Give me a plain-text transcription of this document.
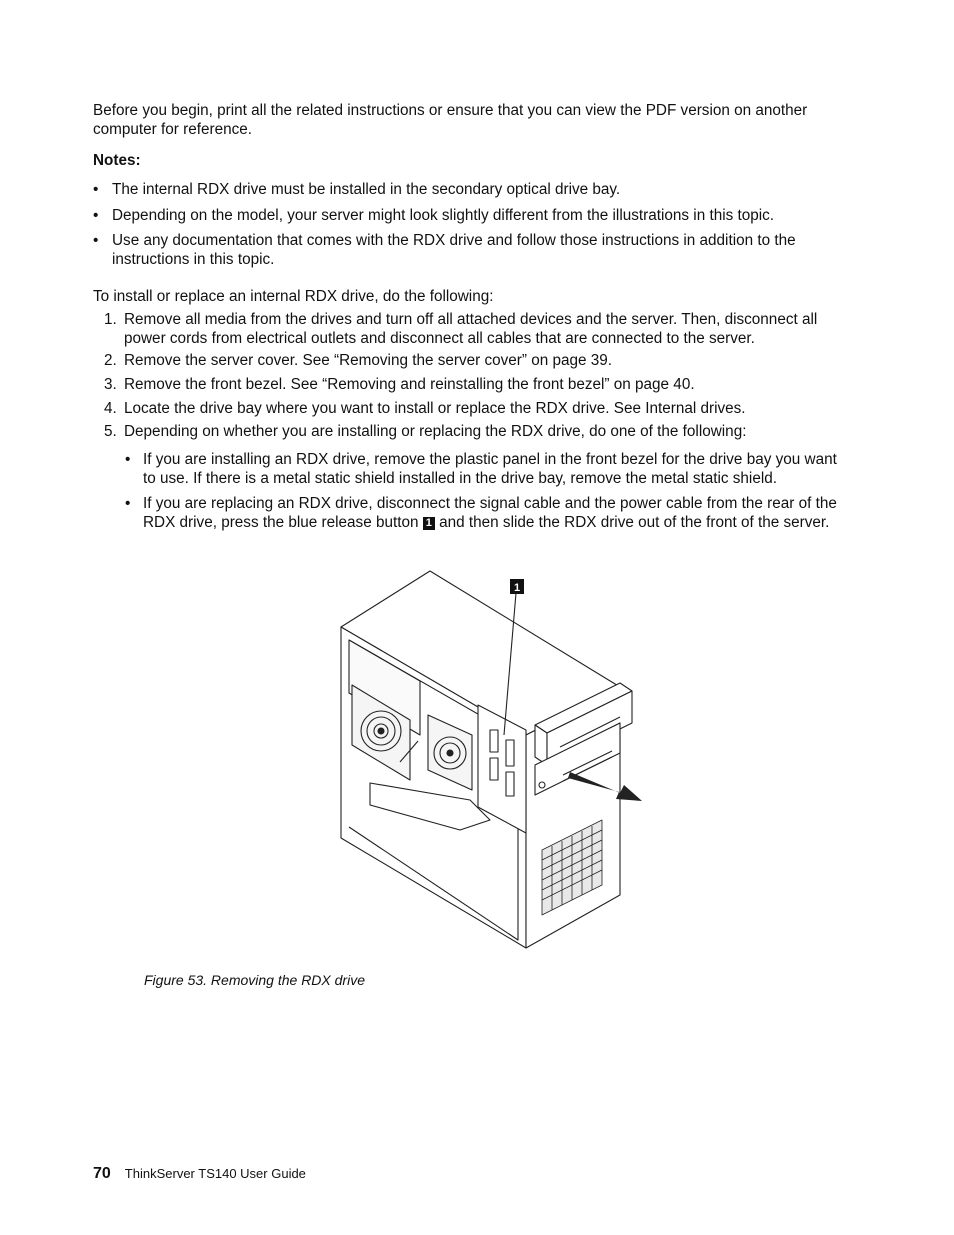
Before you begin, print all the related instructions or ensure that you can view the PDF version on another computer for reference.

Notes:

• The internal RDX drive must be installed in the secondary optical drive bay.
• Depending on the model, your server might look slightly different from the illustrations in this topic.
• Use any documentation that comes with the RDX drive and follow those instructions in addition to the instructions in this topic.

To install or replace an internal RDX drive, do the following:

1. Remove all media from the drives and turn off all attached devices and the server. Then, disconnect all power cords from electrical outlets and disconnect all cables that are connected to the server.
2. Remove the server cover. See “Removing the server cover” on page 39.
3. Remove the front bezel. See “Removing and reinstalling the front bezel” on page 40.
4. Locate the drive bay where you want to install or replace the RDX drive. See Internal drives.
5. Depending on whether you are installing or replacing the RDX drive, do one of the following:
• If you are installing an RDX drive, remove the plastic panel in the front bezel for the drive bay you want to use. If there is a metal static shield installed in the drive bay, remove the metal static shield.
• If you are replacing an RDX drive, disconnect the signal cable and the power cable from the rear of the RDX drive, press the blue release button 1 and then slide the RDX drive out of the front of the server.
1

Figure 53. Removing the RDX drive

70 ThinkServer TS140 User Guide
